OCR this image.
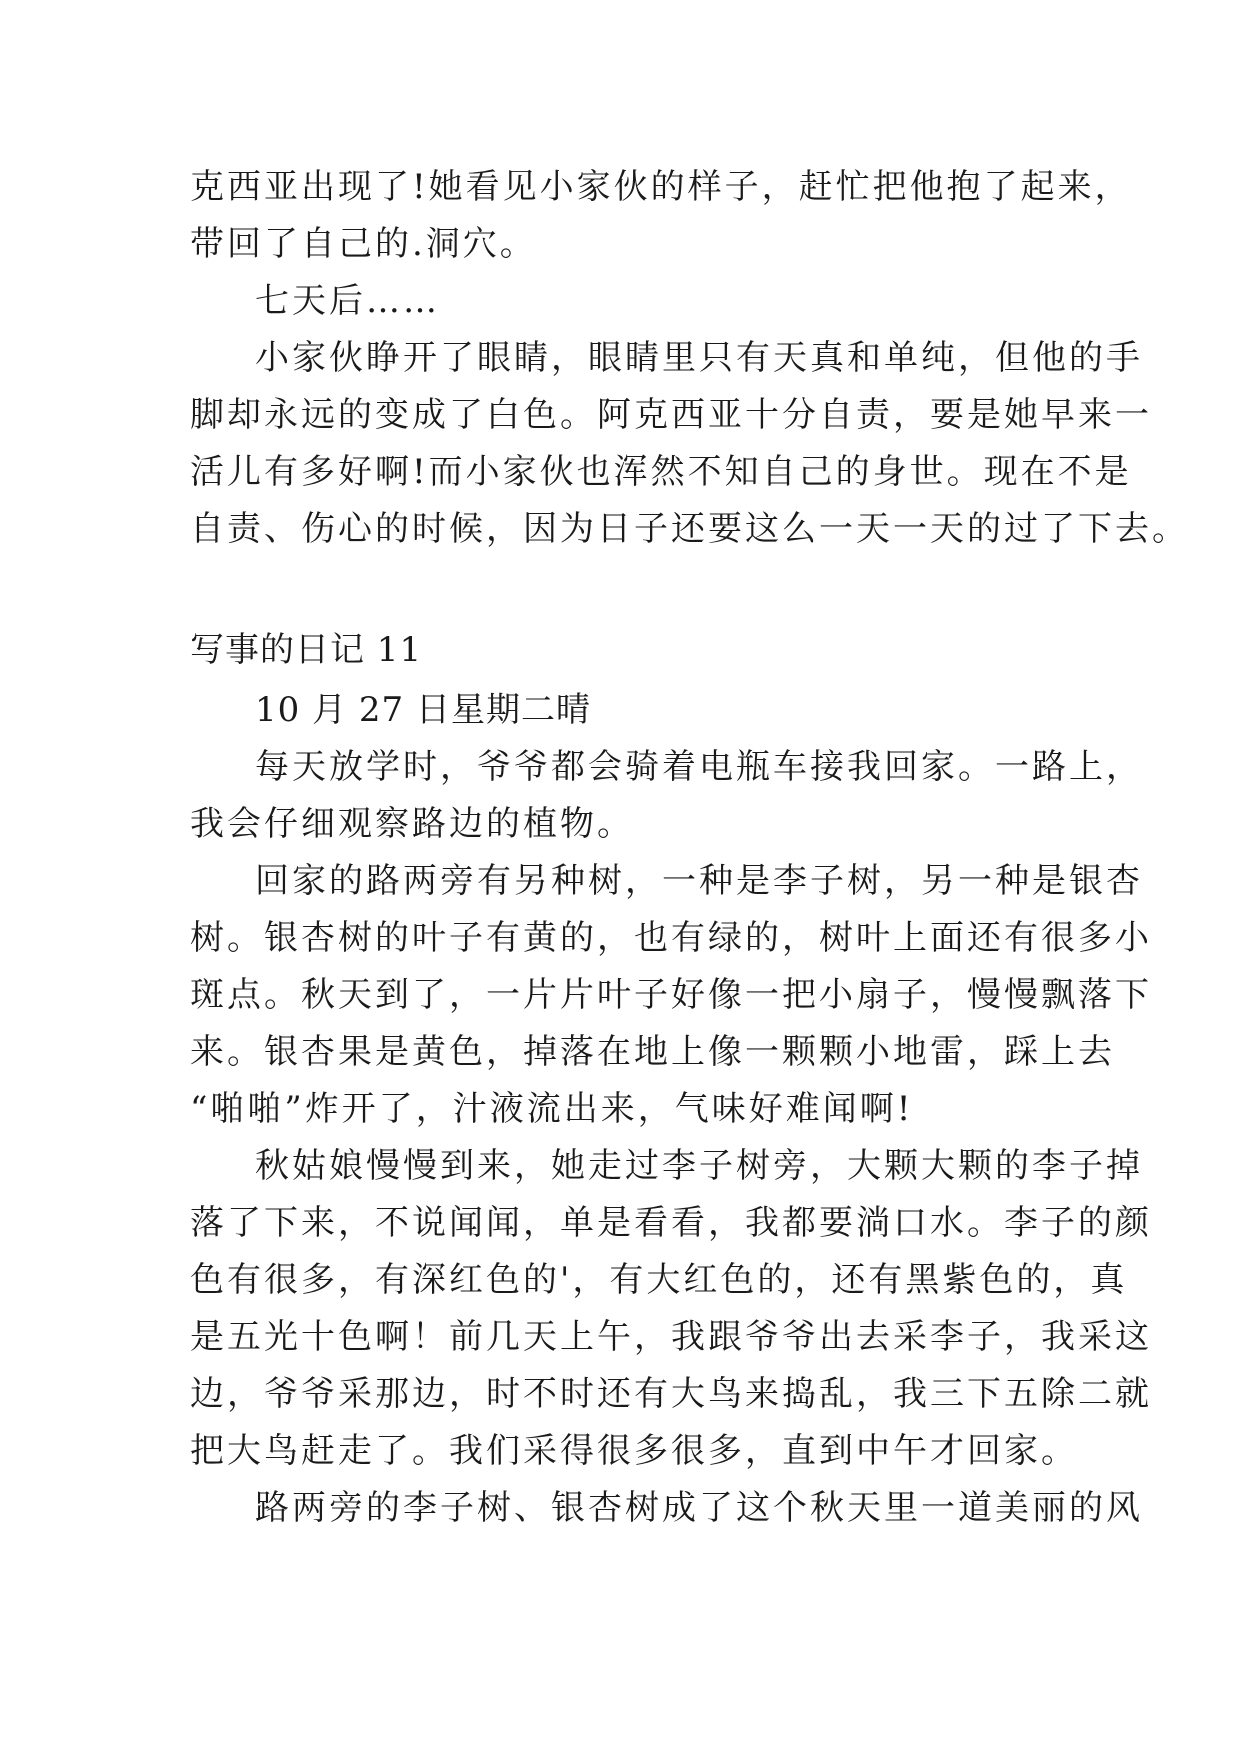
克西亚出现了!她看见小家伙的样子，赶忙把他抱了起来，
带回了自己的.洞穴。
七天后……
小家伙睁开了眼睛，眼睛里只有天真和单纯，但他的手
脚却永远的变成了白色。阿克西亚十分自责，要是她早来一
活儿有多好啊!而小家伙也浑然不知自己的身世。现在不是
自责、伤心的时候，因为日子还要这么一天一天的过了下去。
写事的日记 11
10 月 27 日星期二晴
每天放学时，爷爷都会骑着电瓶车接我回家。一路上，
我会仔细观察路边的植物。
回家的路两旁有另种树，一种是李子树，另一种是银杏
树。银杏树的叶子有黄的，也有绿的，树叶上面还有很多小
斑点。秋天到了，一片片叶子好像一把小扇子，慢慢飘落下
来。银杏果是黄色，掉落在地上像一颗颗小地雷，踩上去
“啪啪”炸开了，汁液流出来，气味好难闻啊!
秋姑娘慢慢到来，她走过李子树旁，大颗大颗的李子掉
落了下来，不说闻闻，单是看看，我都要淌口水。李子的颜
色有很多，有深红色的'，有大红色的，还有黑紫色的，真
是五光十色啊！前几天上午，我跟爷爷出去采李子，我采这
边，爷爷采那边，时不时还有大鸟来捣乱，我三下五除二就
把大鸟赶走了。我们采得很多很多，直到中午才回家。
路两旁的李子树、银杏树成了这个秋天里一道美丽的风
